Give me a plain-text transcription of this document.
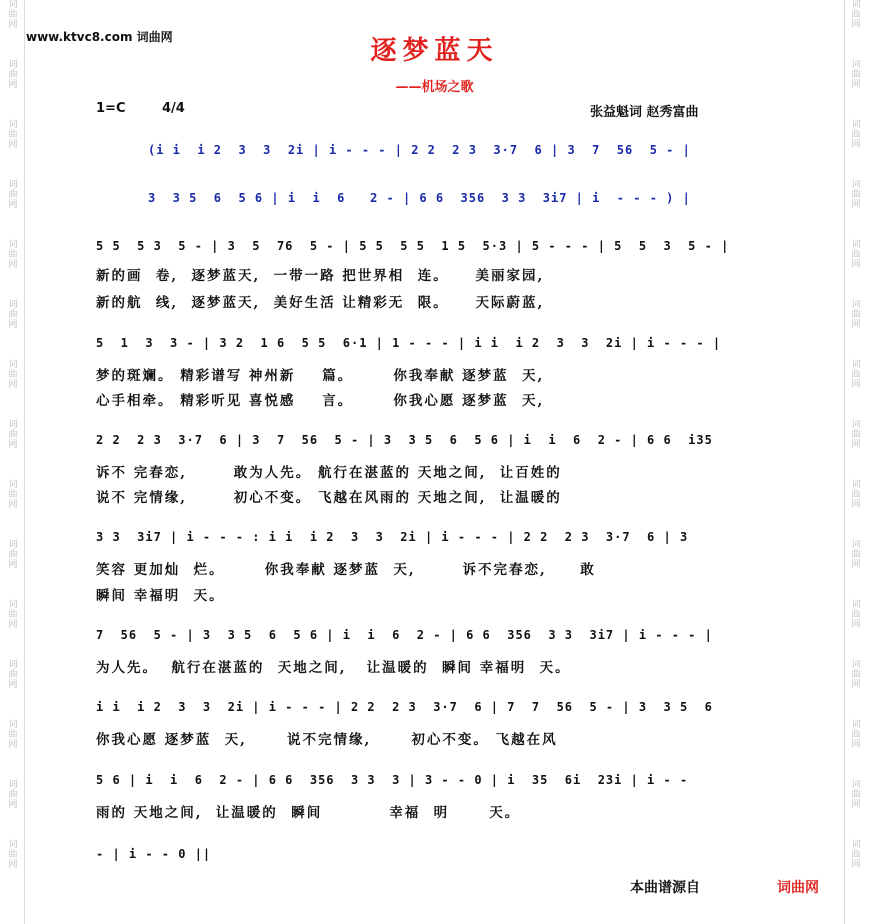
词
曲
网
词
曲
网
词
曲
网
词
曲
网
词
曲
网
词
曲
网
词
曲
网
词
曲
网
词
曲
网
词
曲
网
词
曲
网
词
曲
网
词
曲
网
词
曲
网
词
曲
网
词
曲
网
词
曲
网
词
曲
网
词
曲
网
词
曲
网
词
曲
网
词
曲
网
词
曲
网
词
曲
网
词
曲
网
词
曲
网
词
曲
网
词
曲
网
词
曲
网
词
曲
网
www.ktvc8.com 词曲网	逐梦蓝天
——机场之歌
1=C	4/4	张益魁词 赵秀富曲
(i i  i 2  3  3  2i | i - - - | 2 2  2 3  3·7  6 | 3  7  56  5 - |
3  3 5  6  5 6 | i  i  6   2 - | 6 6  356  3 3  3i7 | i  - - - ) |
5 5  5 3  5 - | 3  5  76  5 - | 5 5  5 5  1 5  5·3 | 5 - - - | 5  5  3  5 - |
新的画  卷,  逐梦蓝天,  一带一路 把世界相  连。    美丽家园,
新的航  线,  逐梦蓝天,  美好生活 让精彩无  限。    天际蔚蓝,
5  1  3  3 - | 3 2  1 6  5 5  6·1 | 1 - - - | i i  i 2  3  3  2i | i - - - |
梦的斑斓。 精彩谱写 神州新    篇。      你我奉献 逐梦蓝  天,
心手相牵。 精彩听见 喜悦感    言。      你我心愿 逐梦蓝  天,
2 2  2 3  3·7  6 | 3  7  56  5 - | 3  3 5  6  5 6 | i  i  6  2 - | 6 6  i35
诉不 完春恋,       敢为人先。 航行在湛蓝的 天地之间,  让百姓的
说不 完情缘,       初心不变。 飞越在风雨的 天地之间,  让温暖的
3 3  3i7 | i - - - : i i  i 2  3  3  2i | i - - - | 2 2  2 3  3·7  6 | 3
笑容 更加灿  烂。      你我奉献 逐梦蓝  天,       诉不完春恋,     敢
瞬间 幸福明  天。
7  56  5 - | 3  3 5  6  5 6 | i  i  6  2 - | 6 6  356  3 3  3i7 | i - - - |
为人先。  航行在湛蓝的  天地之间,   让温暖的  瞬间 幸福明  天。
i i  i 2  3  3  2i | i - - - | 2 2  2 3  3·7  6 | 7  7  56  5 - | 3  3 5  6
你我心愿 逐梦蓝  天,      说不完情缘,      初心不变。 飞越在风
5 6 | i  i  6  2 - | 6 6  356  3 3  3 | 3 - - 0 | i  35  6i  23i | i - -
雨的 天地之间,  让温暖的  瞬间          幸福  明      天。
- | i - - 0 ||
本曲谱源自	词曲网
